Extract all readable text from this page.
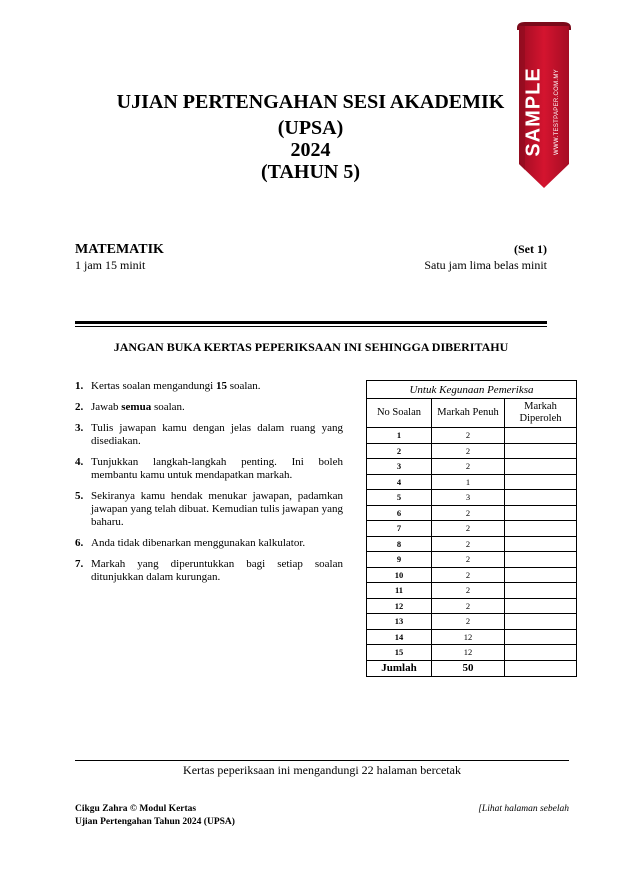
UJIAN PERTENGAHAN SESI AKADEMIK
(UPSA)
2024
(TAHUN 5)
SAMPLE WWW.TESTPAPER.COM.MY
MATEMATIK
1 jam 15 minit
(Set 1)
Satu jam lima belas minit
JANGAN BUKA KERTAS PEPERIKSAAN INI SEHINGGA DIBERITAHU
1. Kertas soalan mengandungi 15 soalan.
2. Jawab semua soalan.
3. Tulis jawapan kamu dengan jelas dalam ruang yang disediakan.
4. Tunjukkan langkah-langkah penting. Ini boleh membantu kamu untuk mendapatkan markah.
5. Sekiranya kamu hendak menukar jawapan, padamkan jawapan yang telah dibuat. Kemudian tulis jawapan yang baharu.
6. Anda tidak dibenarkan menggunakan kalkulator.
7. Markah yang diperuntukkan bagi setiap soalan ditunjukkan dalam kurungan.
Untuk Kegunaan Pemeriksa		
No Soalan	Markah Penuh	Markah Diperoleh
1	2	
2	2	
3	2	
4	1	
5	3	
6	2	
7	2	
8	2	
9	2	
10	2	
11	2	
12	2	
13	2	
14	12	
15	12	
Jumlah	50	
Kertas peperiksaan ini mengandungi 22 halaman bercetak
Cikgu Zahra © Modul Kertas
Ujian Pertengahan Tahun 2024 (UPSA)
[Lihat halaman sebelah
